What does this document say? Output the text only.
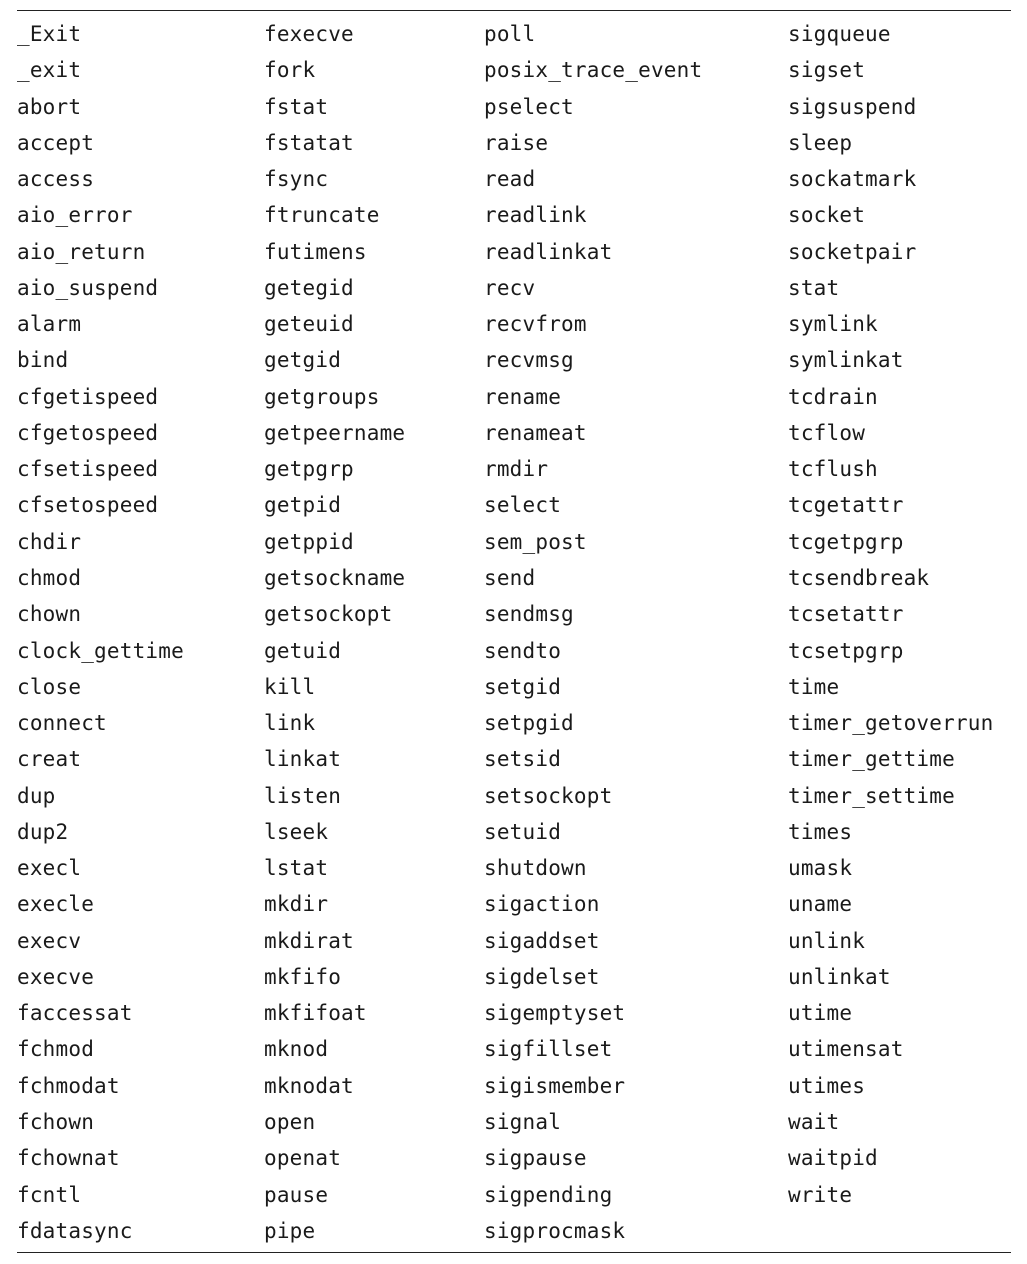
_Exit
_exit
abort
accept
access
aio_error
aio_return
aio_suspend
alarm
bind
cfgetispeed
cfgetospeed
cfsetispeed
cfsetospeed
chdir
chmod
chown
clock_gettime
close
connect
creat
dup
dup2
execl
execle
execv
execve
faccessat
fchmod
fchmodat
fchown
fchownat
fcntl
fdatasync
fexecve
fork
fstat
fstatat
fsync
ftruncate
futimens
getegid
geteuid
getgid
getgroups
getpeername
getpgrp
getpid
getppid
getsockname
getsockopt
getuid
kill
link
linkat
listen
lseek
lstat
mkdir
mkdirat
mkfifo
mkfifoat
mknod
mknodat
open
openat
pause
pipe
poll
posix_trace_event
pselect
raise
read
readlink
readlinkat
recv
recvfrom
recvmsg
rename
renameat
rmdir
select
sem_post
send
sendmsg
sendto
setgid
setpgid
setsid
setsockopt
setuid
shutdown
sigaction
sigaddset
sigdelset
sigemptyset
sigfillset
sigismember
signal
sigpause
sigpending
sigprocmask
sigqueue
sigset
sigsuspend
sleep
sockatmark
socket
socketpair
stat
symlink
symlinkat
tcdrain
tcflow
tcflush
tcgetattr
tcgetpgrp
tcsendbreak
tcsetattr
tcsetpgrp
time
timer_getoverrun
timer_gettime
timer_settime
times
umask
uname
unlink
unlinkat
utime
utimensat
utimes
wait
waitpid
write
